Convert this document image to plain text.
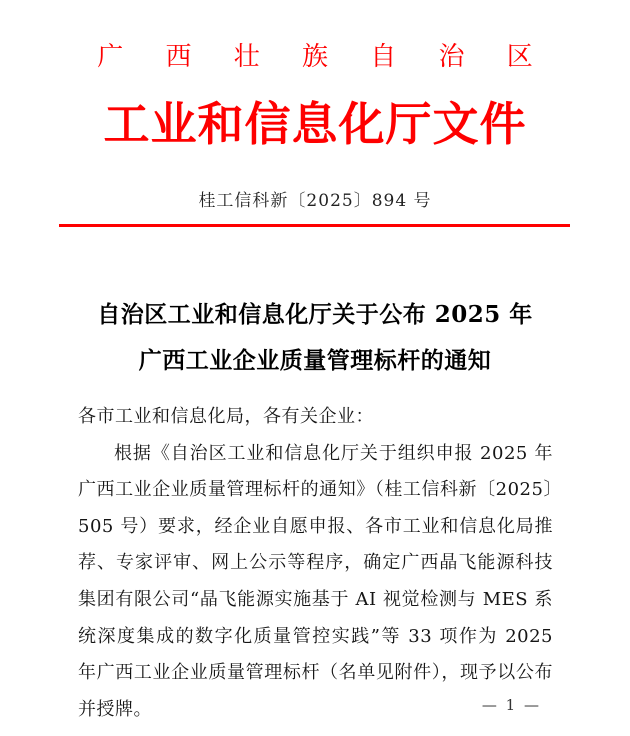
广 西 壮 族 自 治 区
工业和信息化厅文件
桂工信科新〔2025〕894 号
自治区工业和信息化厅关于公布 2025 年
广西工业企业质量管理标杆的通知
各市工业和信息化局，各有关企业：

根据《自治区工业和信息化厅关于组织申报 2025 年广西工业企业质量管理标杆的通知》（桂工信科新〔2025〕505 号）要求，经企业自愿申报、各市工业和信息化局推荐、专家评审、网上公示等程序，确定广西晶飞能源科技集团有限公司“晶飞能源实施基于 AI 视觉检测与 MES 系统深度集成的数字化质量管控实践”等 33 项作为 2025 年广西工业企业质量管理标杆（名单见附件），现予以公布并授牌。	— 1 —
